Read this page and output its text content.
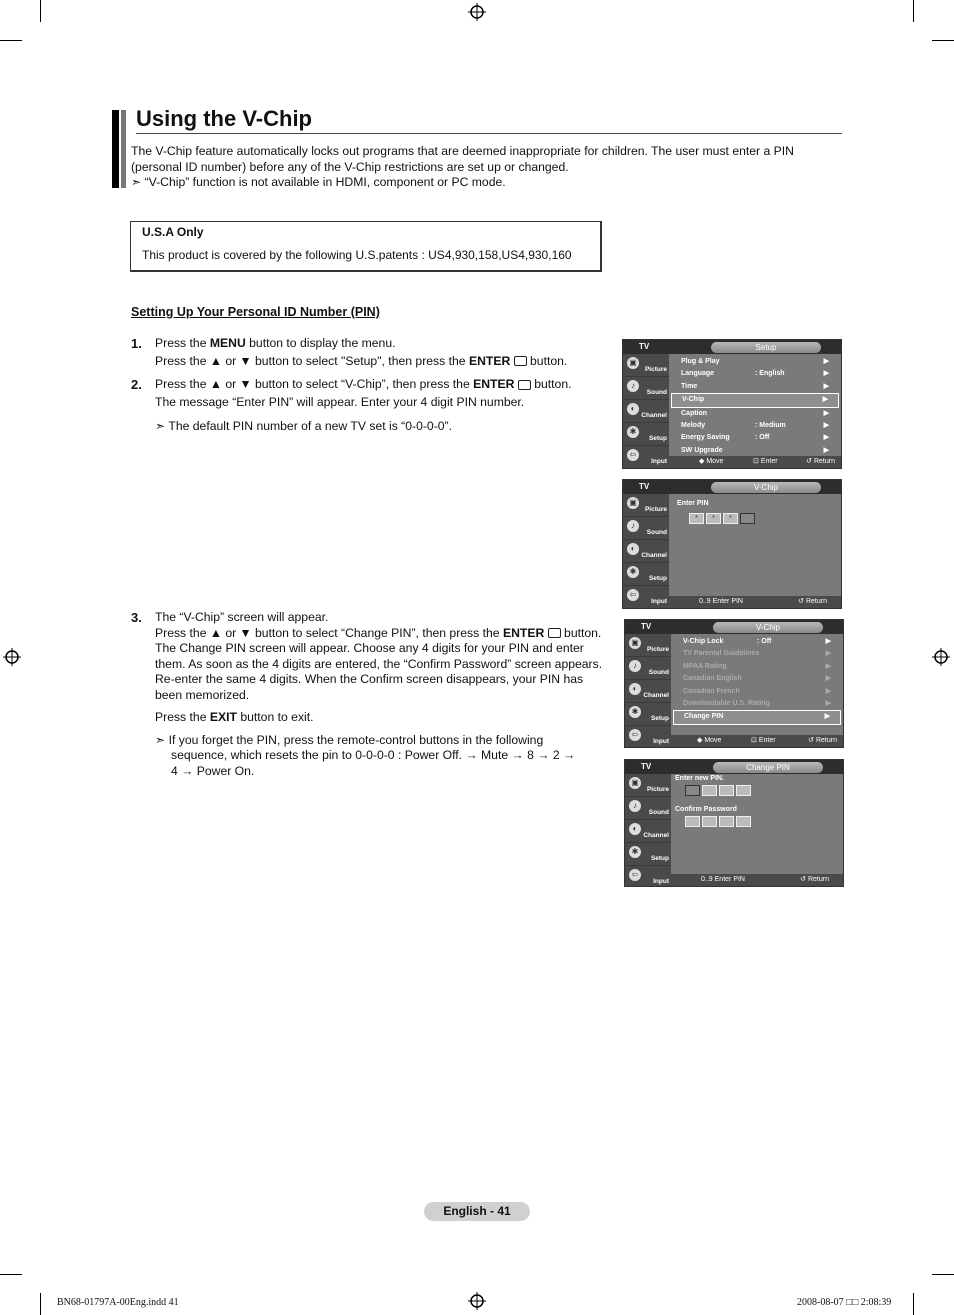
Using the V-Chip
The V-Chip feature automatically locks out programs that are deemed inappropriate for children. The user must enter a PIN (personal ID number) before any of the V-Chip restrictions are set up or changed.
➣ “V-Chip” function is not available in HDMI, component or PC mode.
U.S.A Only
This product is covered by the following U.S.patents : US4,930,158,US4,930,160
Setting Up Your Personal ID Number (PIN)
1. Press the MENU button to display the menu.
Press the ▲ or ▼ button to select "Setup", then press the ENTER  button.
2. Press the ▲ or ▼ button to select “V-Chip”, then press the ENTER  button.
The message “Enter PIN” will appear. Enter your 4 digit PIN number.
➣ The default PIN number of a new TV set is “0-0-0-0”.
3. The “V-Chip” screen will appear.
Press the ▲ or ▼ button to select “Change PIN”, then press the ENTER  button.
The Change PIN screen will appear. Choose any 4 digits for your PIN and enter
them. As soon as the 4 digits are entered, the “Confirm Password” screen appears.
Re-enter the same 4 digits. When the Confirm screen disappears, your PIN has
been memorized.
Press the EXIT button to exit.
➣ If you forget the PIN, press the remote-control buttons in the following
sequence, which resets the pin to 0-0-0-0 : Power Off. → Mute → 8 → 2 →
4 → Power On.
TV	Setup
▣
Picture
♪
Sound
◐
Channel
✱
Setup
⇦
Input
Plug & Play	▶
Language	: English	▶
Time	▶
V-Chip	▶
Caption	▶
Melody	: Medium	▶
Energy Saving	: Off	▶
SW Upgrade	▶
◆ Move	⊡ Enter	↺ Return
TV	V-Chip
▣
Picture
♪
Sound
◐
Channel
✱
Setup
⇦
Input
Enter PIN
* * *
0..9 Enter PIN	↺ Return
TV	V-Chip
▣
Picture
♪
Sound
◐
Channel
✱
Setup
⇦
Input
V-Chip Lock	: Off	▶
TV Parental Guidelines	▶
MPAA Rating	▶
Canadian English	▶
Canadian French	▶
Downloadable U.S. Rating	▶
Change PIN	▶
◆ Move	⊡ Enter	↺ Return
TV	Change PIN
▣
Picture
♪
Sound
◐
Channel
✱
Setup
⇦
Input
Enter new PIN.
Confirm Password
0..9 Enter PIN	↺ Return
English - 41
BN68-01797A-00Eng.indd 41	2008-08-07 □□ 2:08:39
